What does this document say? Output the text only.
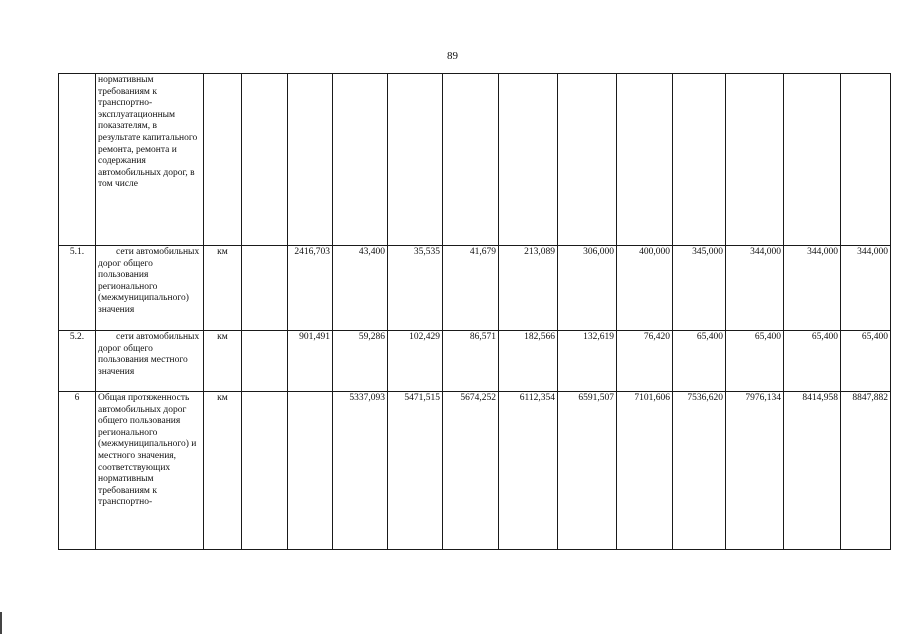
89
	нормативным требованиям к транспортно-эксплуатационным показателям, в результате капитального ремонта, ремонта и содержания автомобильных дорог, в том числе													
5.1.	сети автомобильных дорог общего пользования регионального (межмуниципального) значения	км		2416,703	43,400	35,535	41,679	213,089	306,000	400,000	345,000	344,000	344,000	344,000
5.2.	сети автомобильных дорог общего пользования местного значения	км		901,491	59,286	102,429	86,571	182,566	132,619	76,420	65,400	65,400	65,400	65,400
6	Общая протяженность автомобильных дорог общего пользования регионального (межмуниципального) и местного значения, соответствующих нормативным требованиям к транспортно-	км			5337,093	5471,515	5674,252	6112,354	6591,507	7101,606	7536,620	7976,134	8414,958	8847,882
